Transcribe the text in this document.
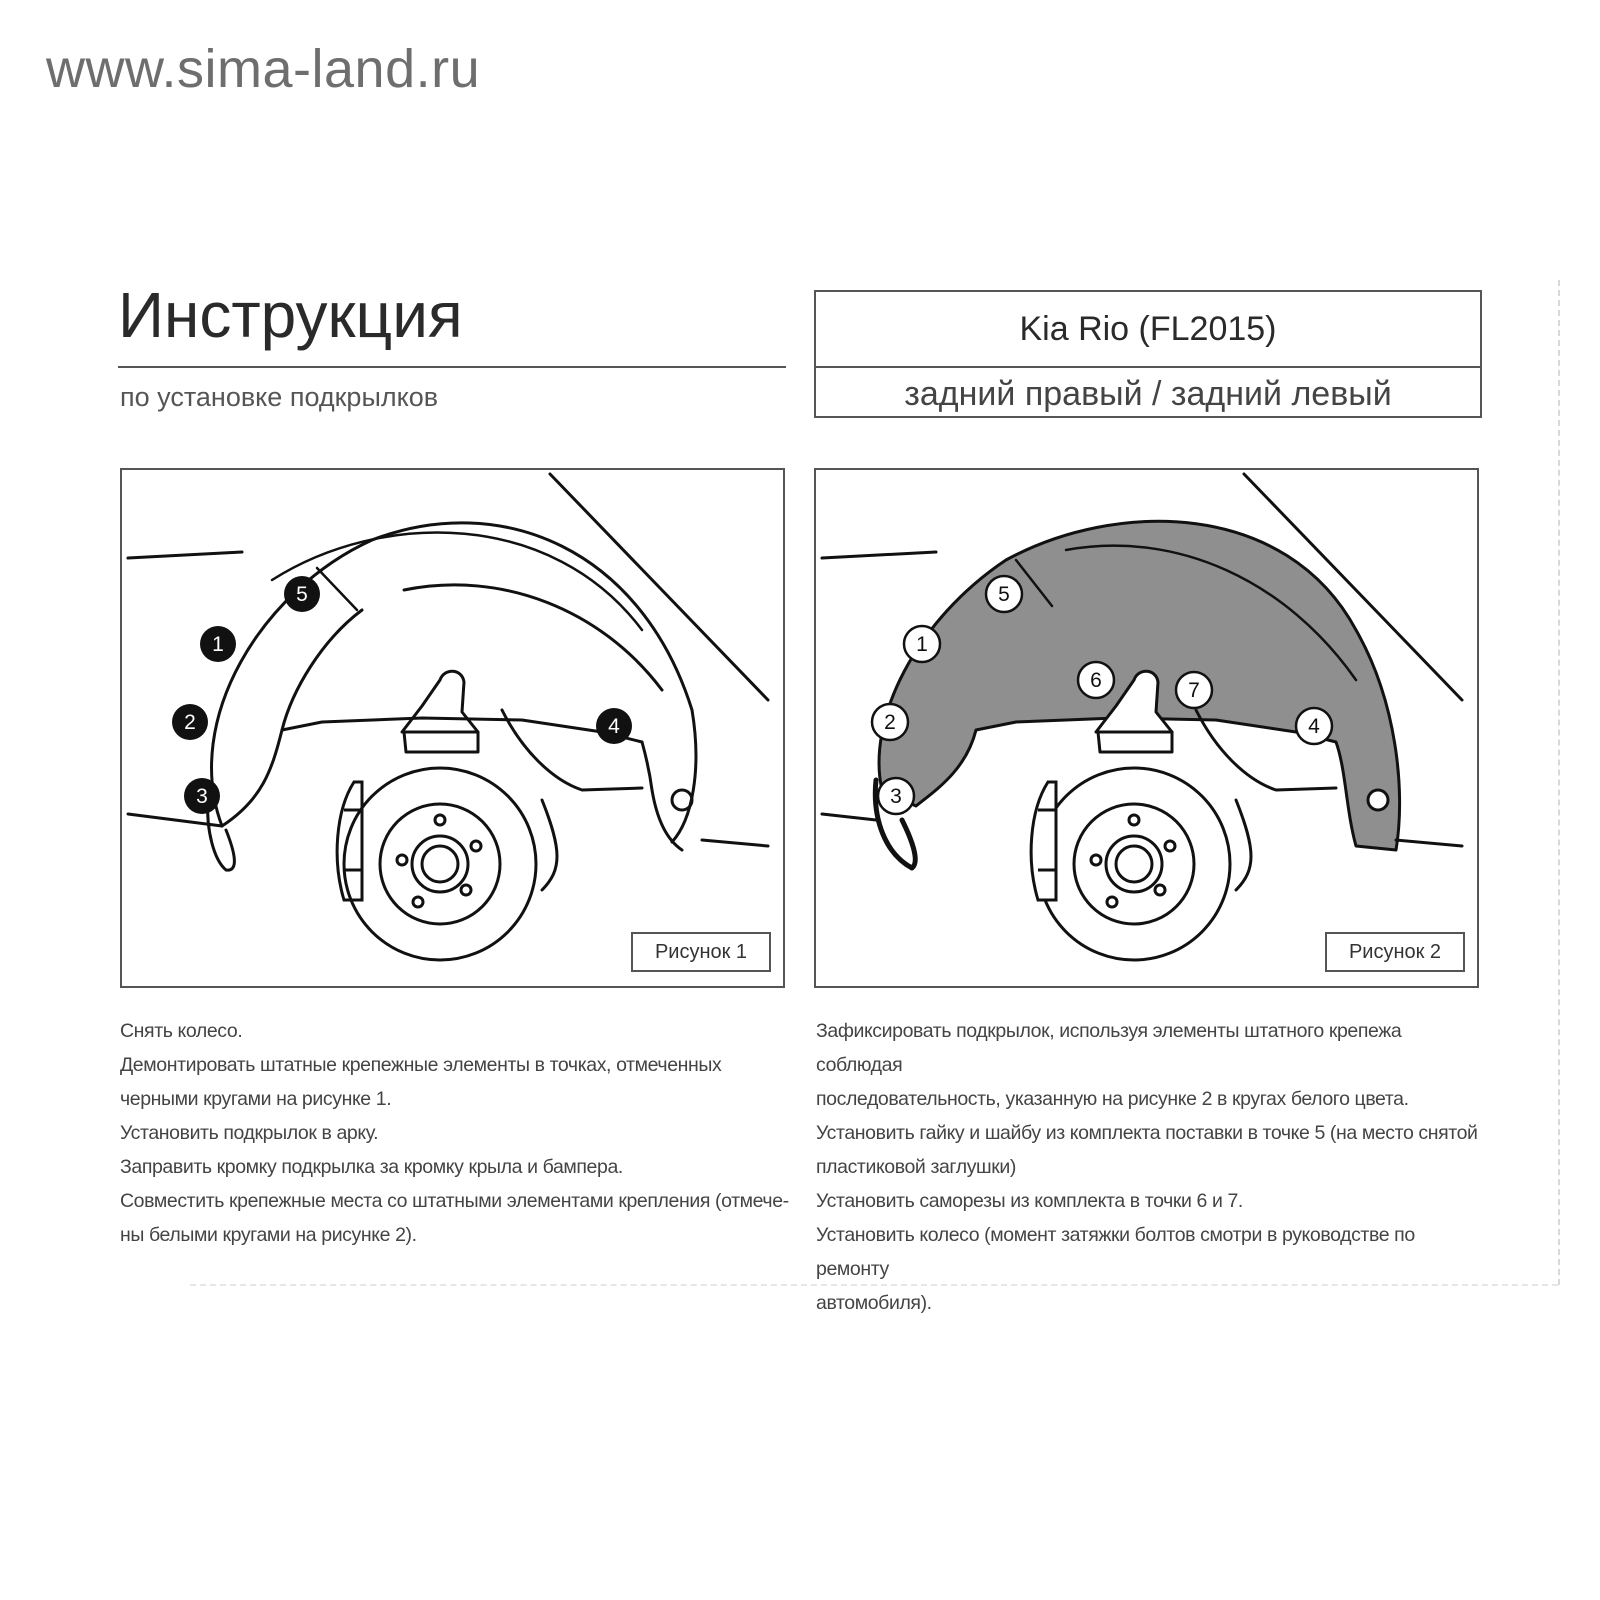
www.sima-land.ru
Инструкция
по установке подкрылков
Kia Rio (FL2015)
задний правый / задний левый
1
2
3
4
5
Рисунок 1
1
2
3
4
5
6	7
Рисунок 2
Снять колесо.
Демонтировать штатные крепежные элементы в точках, отмеченных
черными кругами на рисунке 1.
Установить подкрылок в арку.
Заправить кромку подкрылка за кромку крыла и бампера.
Совместить крепежные места со штатными элементами крепления (отмече-
ны белыми кругами на рисунке 2).
Зафиксировать подкрылок, используя элементы штатного крепежа соблюдая
последовательность, указанную на рисунке 2 в кругах белого цвета.
Установить гайку и шайбу из комплекта поставки в точке 5 (на место снятой
пластиковой заглушки)
Установить саморезы из комплекта в точки 6 и 7.
Установить колесо (момент затяжки болтов смотри в руководстве по ремонту
автомобиля).
